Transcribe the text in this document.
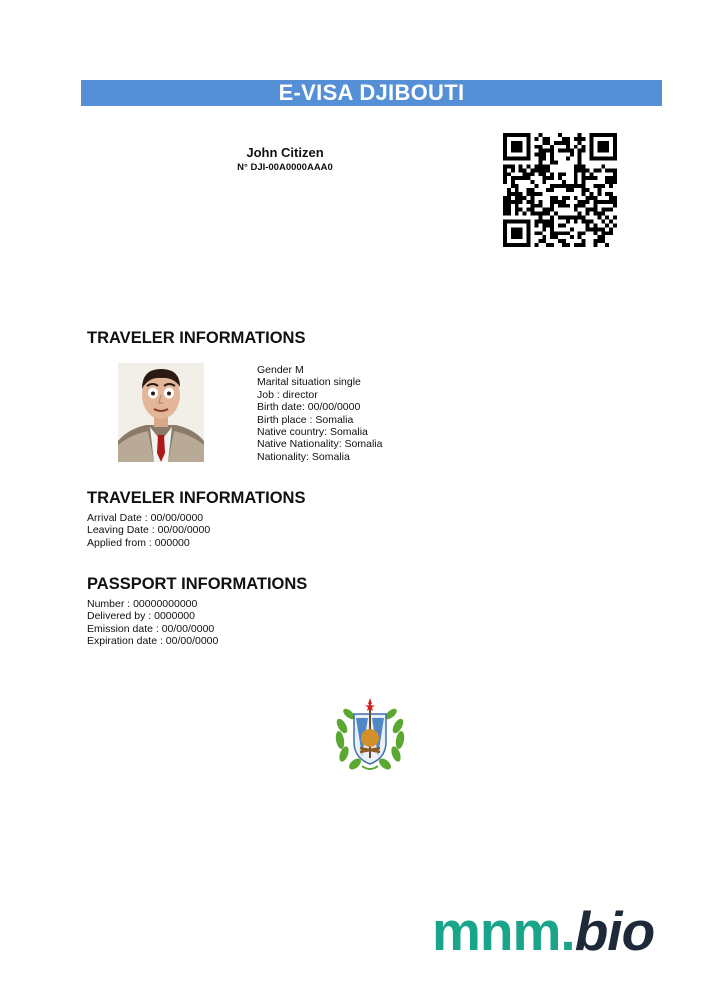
E-VISA DJIBOUTI
John Citizen
N° DJI-00A0000AAA0
TRAVELER INFORMATIONS
Gender M
Marital situation single
Job : director
Birth date: 00/00/0000
Birth place : Somalia
Native country: Somalia
Native Nationality: Somalia
Nationality: Somalia
TRAVELER INFORMATIONS
Arrival Date : 00/00/0000
Leaving Date : 00/00/0000
Applied from : 000000
PASSPORT INFORMATIONS
Number : 00000000000
Delivered by : 0000000
Emission date : 00/00/0000
Expiration date : 00/00/0000
mnm.bio
